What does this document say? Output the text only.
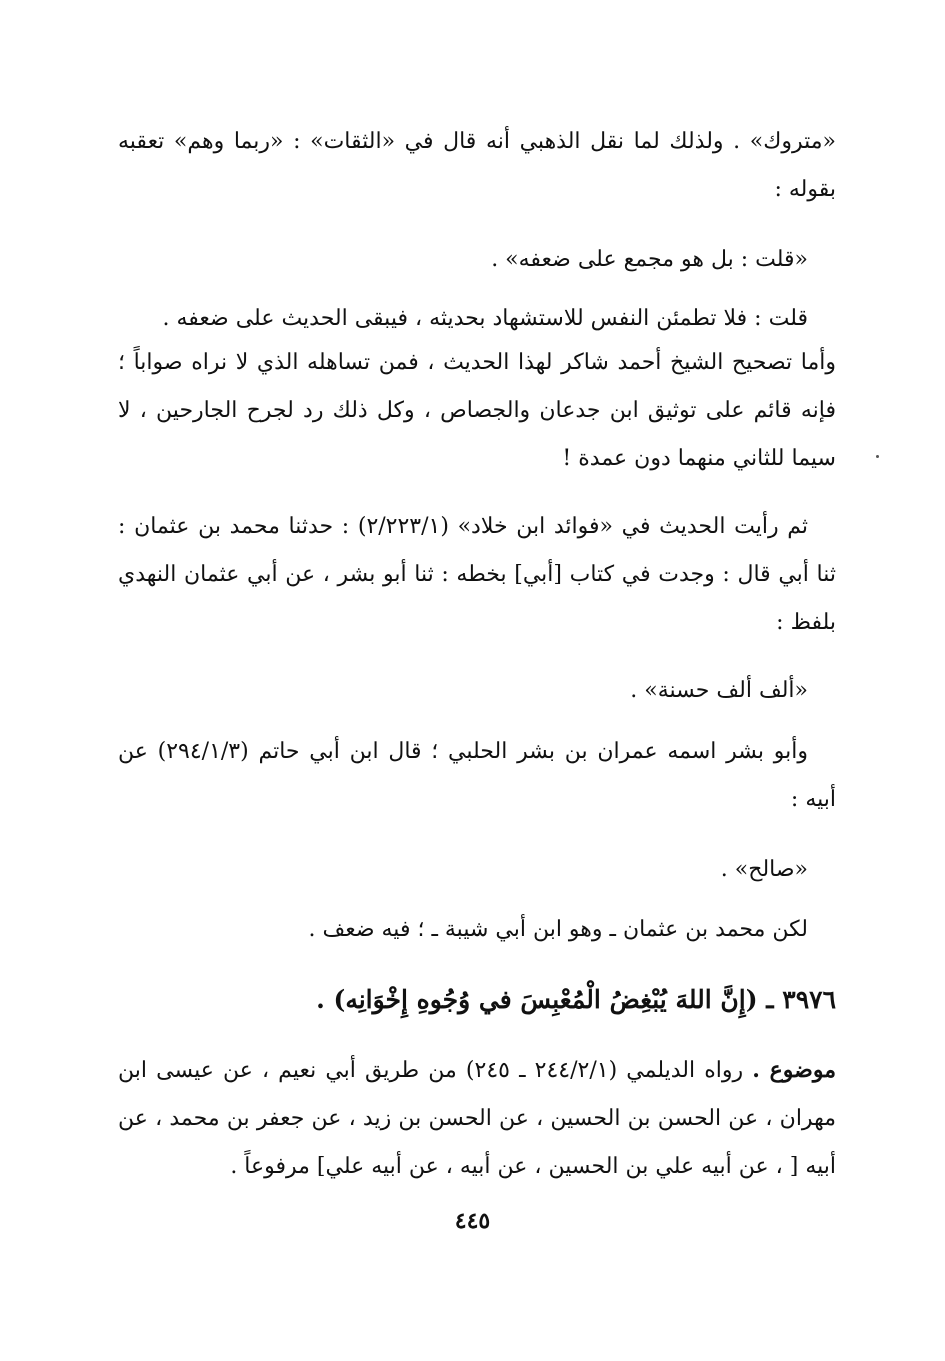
«متروك» . ولذلك لما نقل الذهبي أنه قال في «الثقات» : «ربما وهم» تعقبه بقوله :

«قلت : بل هو مجمع على ضعفه» .

قلت : فلا تطمئن النفس للاستشهاد بحديثه ، فيبقى الحديث على ضعفه .

وأما تصحيح الشيخ أحمد شاكر لهذا الحديث ، فمن تساهله الذي لا نراه صواباً ؛ فإنه قائم على توثيق ابن جدعان والجصاص ، وكل ذلك رد لجرح الجارحين ، لا سيما للثاني منهما دون عمدة !

ثم رأيت الحديث في «فوائد ابن خلاد» (٢/٢٢٣/١) : حدثنا محمد بن عثمان : ثنا أبي قال : وجدت في كتاب [أبي] بخطه : ثنا أبو بشر ، عن أبي عثمان النهدي بلفظ :

«ألف ألف حسنة» .

وأبو بشر اسمه عمران بن بشر الحلبي ؛ قال ابن أبي حاتم (٢٩٤/١/٣) عن أبيه :

«صالح» .

لكن محمد بن عثمان ـ وهو ابن أبي شيبة ـ ؛ فيه ضعف .

٣٩٧٦ ـ (إِنَّ اللهَ يُبْغِضُ الْمُعْبِسَ في وُجُوهِ إِخْوَانِه) .

موضوع . رواه الديلمي (٢٤٤/٢/١ ـ ٢٤٥) من طريق أبي نعيم ، عن عيسى ابن مهران ، عن الحسن بن الحسين ، عن الحسن بن زيد ، عن جعفر بن محمد ، عن أبيه [ ، عن أبيه علي بن الحسين ، عن أبيه ، عن أبيه علي] مرفوعاً .

٤٤٥
